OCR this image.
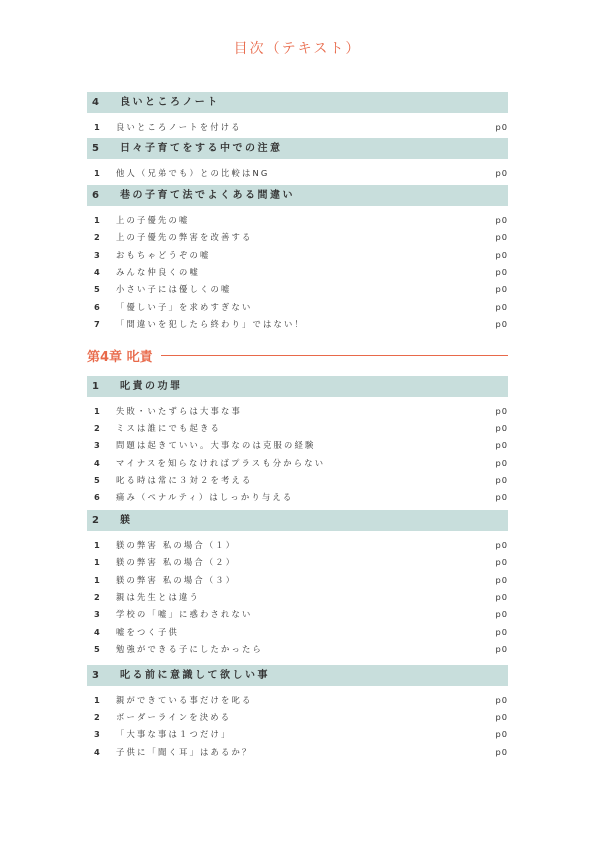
目次（テキスト）
4 良いところノート
1	良いところノートを付ける	p0
5 日々子育てをする中での注意
1	他人（兄弟でも）との比較はNG	p0
6 巷の子育て法でよくある間違い
1	上の子優先の嘘	p0
2	上の子優先の弊害を改善する	p0
3	おもちゃどうぞの嘘	p0
4	みんな仲良くの嘘	p0
5	小さい子には優しくの嘘	p0
6	「優しい子」を求めすぎない	p0
7	「間違いを犯したら終わり」ではない！	p0
第4章 叱責
1 叱責の功罪
1	失敗・いたずらは大事な事	p0
2	ミスは誰にでも起きる	p0
3	問題は起きていい。大事なのは克服の経験	p0
4	マイナスを知らなければプラスも分からない	p0
5	叱る時は常に３対２を考える	p0
6	痛み（ペナルティ）はしっかり与える	p0
2 躾
1	躾の弊害 私の場合（１）	p0
1	躾の弊害 私の場合（２）	p0
1	躾の弊害 私の場合（３）	p0
2	親は先生とは違う	p0
3	学校の「嘘」に惑わされない	p0
4	嘘をつく子供	p0
5	勉強ができる子にしたかったら	p0
3 叱る前に意識して欲しい事
1	親ができている事だけを叱る	p0
2	ボーダーラインを決める	p0
3	「大事な事は１つだけ」	p0
4	子供に「聞く耳」はあるか？	p0
